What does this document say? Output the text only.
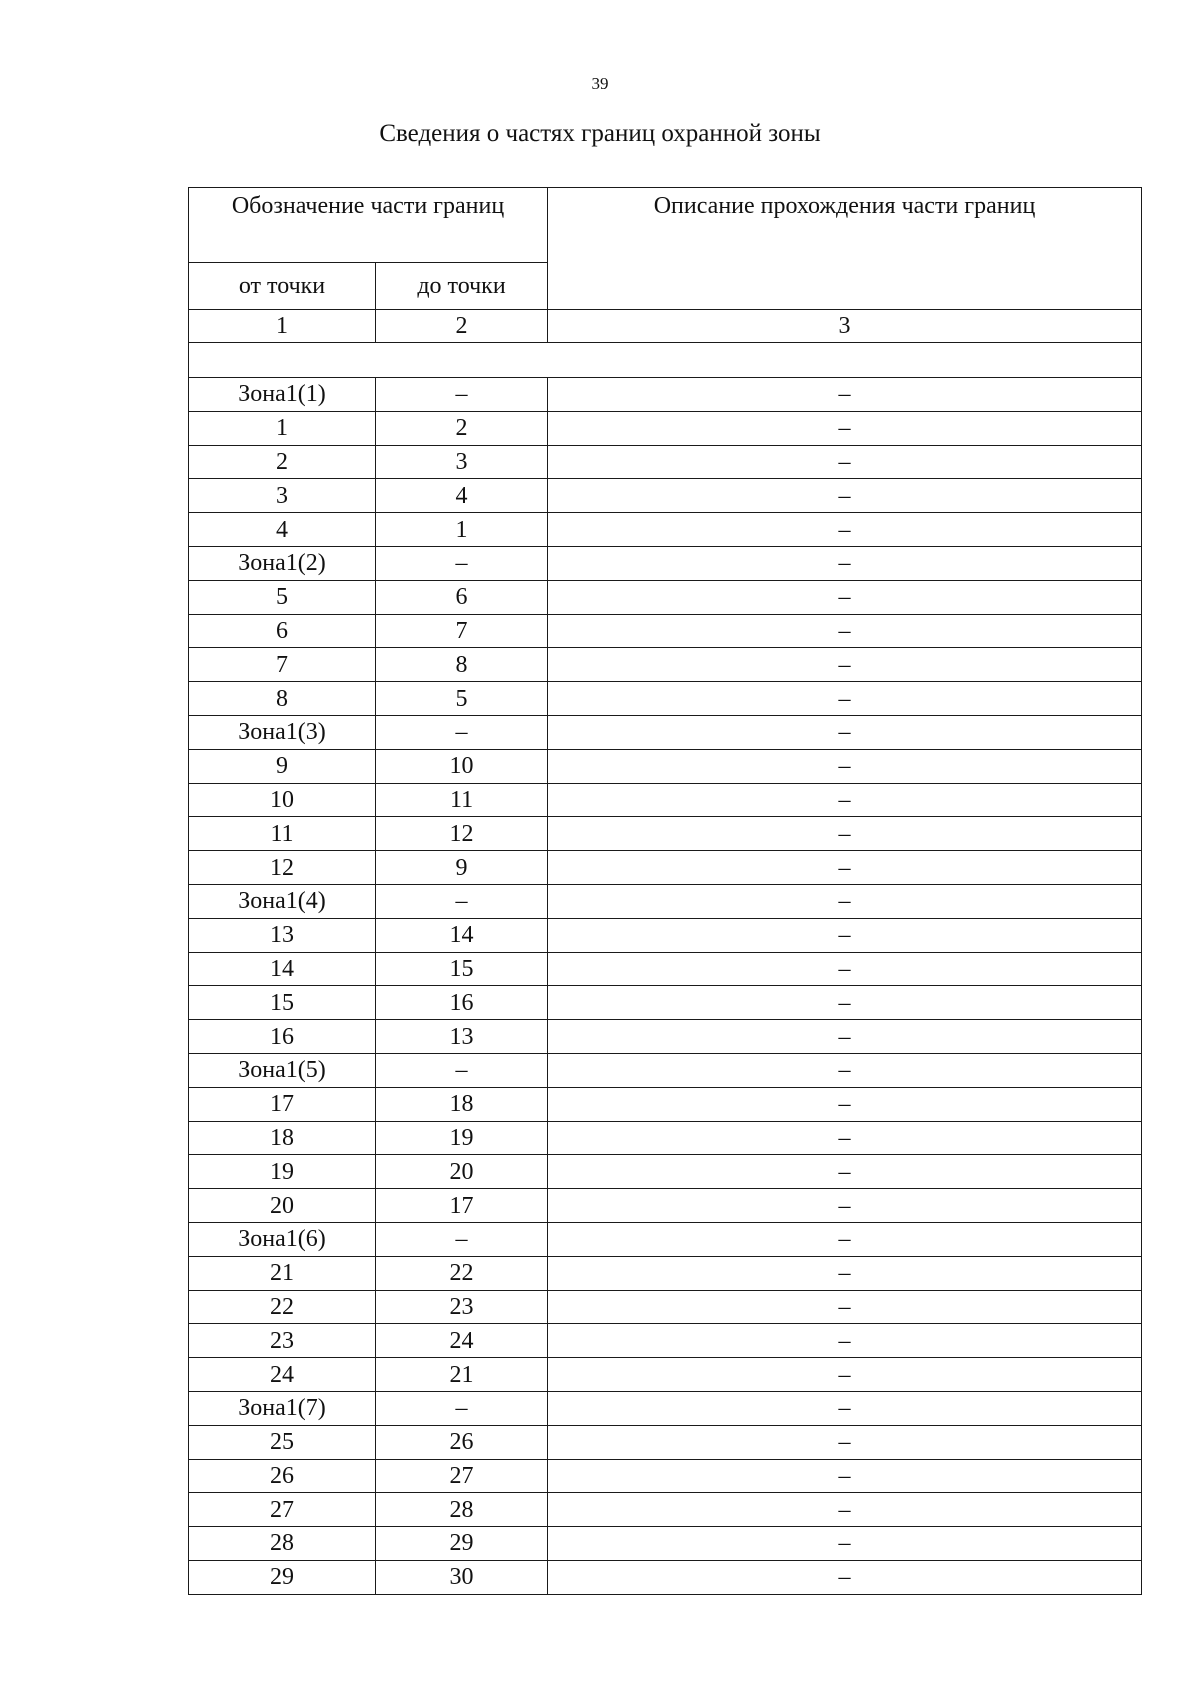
39
Сведения о частях границ охранной зоны
Обозначение части границ		Описание прохождения части границ
от точки	до точки	
1	2	3

Зона1(1)	–	–
1	2	–
2	3	–
3	4	–
4	1	–
Зона1(2)	–	–
5	6	–
6	7	–
7	8	–
8	5	–
Зона1(3)	–	–
9	10	–
10	11	–
11	12	–
12	9	–
Зона1(4)	–	–
13	14	–
14	15	–
15	16	–
16	13	–
Зона1(5)	–	–
17	18	–
18	19	–
19	20	–
20	17	–
Зона1(6)	–	–
21	22	–
22	23	–
23	24	–
24	21	–
Зона1(7)	–	–
25	26	–
26	27	–
27	28	–
28	29	–
29	30	–
